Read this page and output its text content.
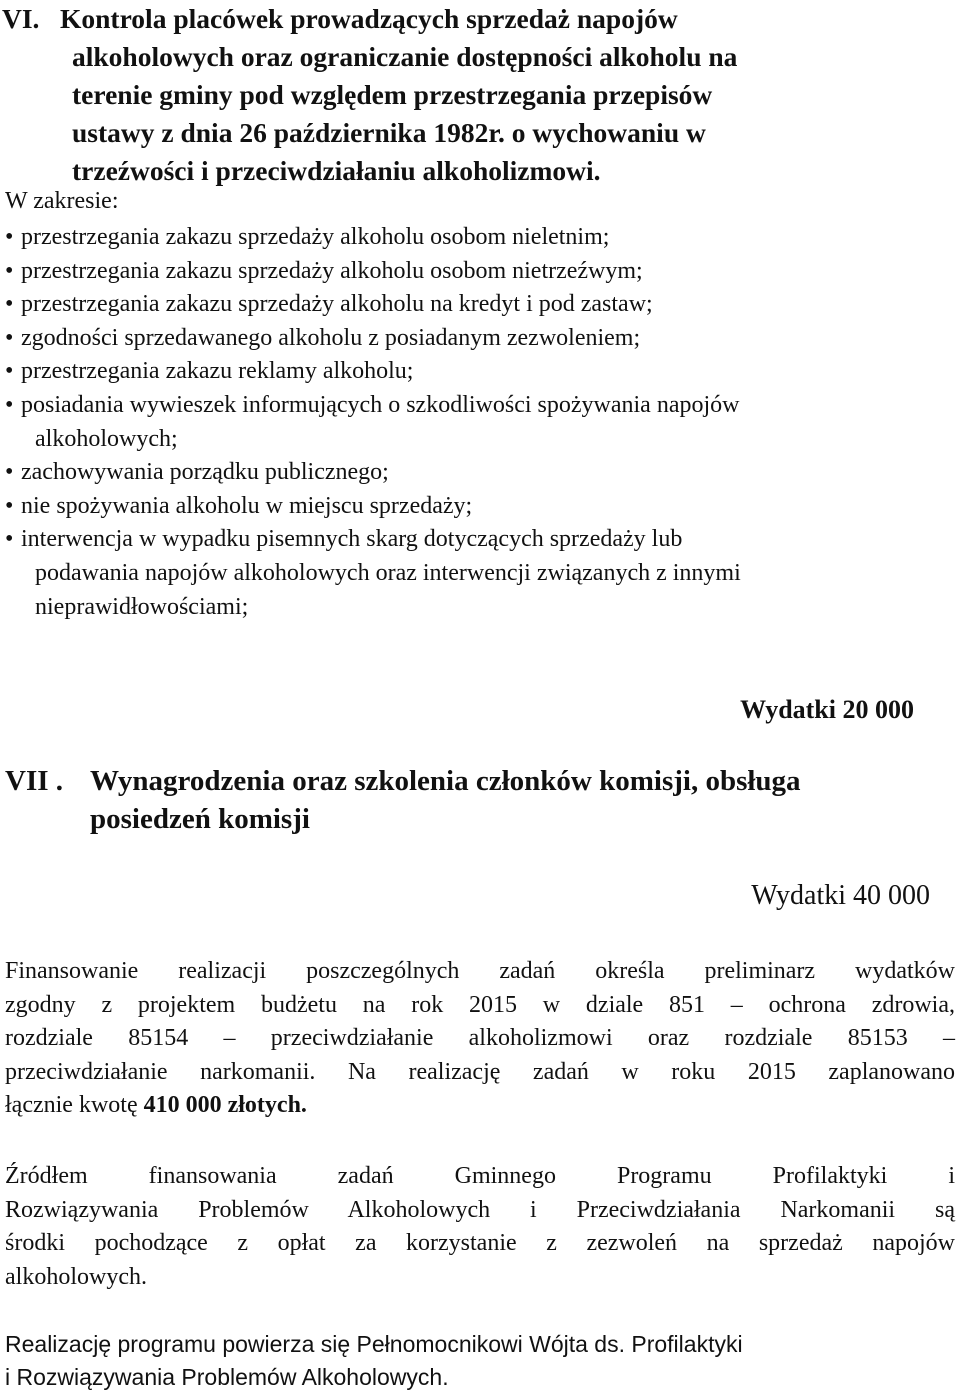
VI. Kontrola placówek prowadzących sprzedaż napojów
alkoholowych oraz ograniczanie dostępności alkoholu na
terenie gminy pod względem przestrzegania przepisów
ustawy z dnia 26 października 1982r. o wychowaniu w
trzeźwości i przeciwdziałaniu alkoholizmowi.

W zakresie:

• przestrzegania zakazu sprzedaży alkoholu osobom nieletnim;
• przestrzegania zakazu sprzedaży alkoholu osobom nietrzeźwym;
• przestrzegania zakazu sprzedaży alkoholu na kredyt i pod zastaw;
• zgodności sprzedawanego alkoholu z posiadanym zezwoleniem;
• przestrzegania zakazu reklamy alkoholu;
• posiadania wywieszek informujących o szkodliwości spożywania napojów
alkoholowych;
• zachowywania porządku publicznego;
• nie spożywania alkoholu w miejscu sprzedaży;
• interwencja w wypadku pisemnych skarg dotyczących sprzedaży lub
podawania napojów alkoholowych oraz interwencji związanych z innymi
nieprawidłowościami;

Wydatki 20 000

VII . Wynagrodzenia oraz szkolenia członków komisji, obsługa
posiedzeń komisji

Wydatki 40 000

Finansowanie realizacji poszczególnych zadań określa preliminarz wydatków
zgodny z projektem budżetu na rok 2015 w dziale 851 – ochrona zdrowia,
rozdziale 85154 – przeciwdziałanie alkoholizmowi oraz rozdziale 85153 –
przeciwdziałanie narkomanii. Na realizację zadań w roku 2015 zaplanowano
łącznie kwotę 410 000 złotych.

Źródłem finansowania zadań Gminnego Programu Profilaktyki i
Rozwiązywania Problemów Alkoholowych i Przeciwdziałania Narkomanii są
środki pochodzące z opłat za korzystanie z zezwoleń na sprzedaż napojów
alkoholowych.

Realizację programu powierza się Pełnomocnikowi Wójta ds. Profilaktyki
i Rozwiązywania Problemów Alkoholowych.
